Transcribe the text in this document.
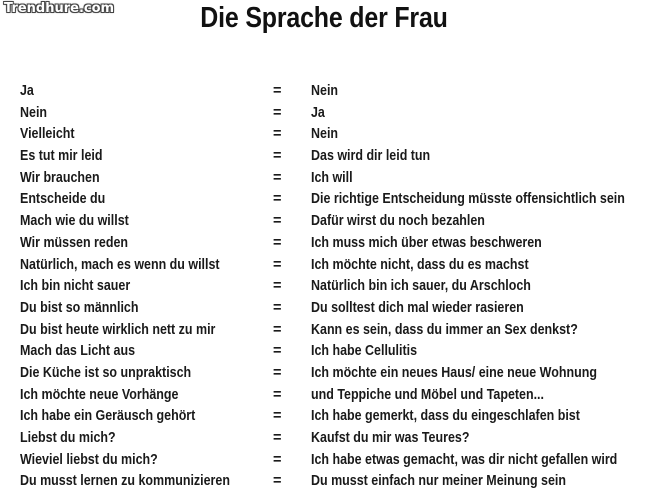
Trendhure.com	Die Sprache der Frau
Ja	= Nein
Nein	= Ja
Vielleicht	= Nein
Es tut mir leid	= Das wird dir leid tun
Wir brauchen	= Ich will
Entscheide du	= Die richtige Entscheidung müsste offensichtlich sein
Mach wie du willst	= Dafür wirst du noch bezahlen
Wir müssen reden	= Ich muss mich über etwas beschweren
Natürlich, mach es wenn du willst	= Ich möchte nicht, dass du es machst
Ich bin nicht sauer	= Natürlich bin ich sauer, du Arschloch
Du bist so männlich	= Du solltest dich mal wieder rasieren
Du bist heute wirklich nett zu mir	= Kann es sein, dass du immer an Sex denkst?
Mach das Licht aus	= Ich habe Cellulitis
Die Küche ist so unpraktisch	= Ich möchte ein neues Haus/ eine neue Wohnung
Ich möchte neue Vorhänge	= und Teppiche und Möbel und Tapeten...
Ich habe ein Geräusch gehört	= Ich habe gemerkt, dass du eingeschlafen bist
Liebst du mich?	= Kaufst du mir was Teures?
Wieviel liebst du mich?	= Ich habe etwas gemacht, was dir nicht gefallen wird
Du musst lernen zu kommunizieren	= Du musst einfach nur meiner Meinung sein
